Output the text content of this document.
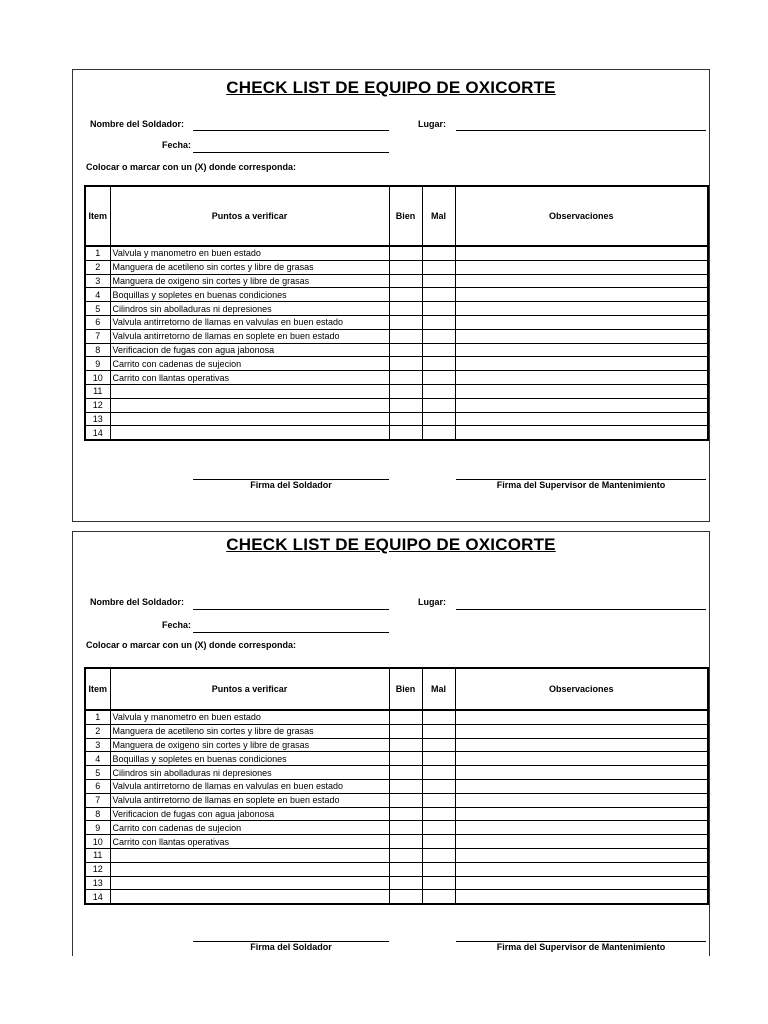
CHECK LIST DE EQUIPO DE OXICORTE
Nombre del Soldador:	Lugar:
Fecha:
Colocar o marcar con un (X) donde corresponda:
Item	Puntos a verificar	Bien	Mal	Observaciones
1	Valvula y manometro en buen estado			
2	Manguera de acetileno sin cortes y libre de grasas			
3	Manguera de oxigeno sin cortes y libre de grasas			
4	Boquillas y sopletes en buenas condiciones			
5	Cilindros sin abolladuras ni depresiones			
6	Valvula antirretorno de llamas en valvulas en buen estado			
7	Valvula antirretorno de llamas en soplete en buen estado			
8	Verificacion de fugas con agua jabonosa			
9	Carrito con cadenas de sujecion			
10	Carrito con llantas operativas			
11				
12				
13				
14				
Firma del Soldador	Firma del Supervisor de Mantenimiento
CHECK LIST DE EQUIPO DE OXICORTE
Nombre del Soldador:	Lugar:
Fecha:
Colocar o marcar con un (X) donde corresponda:
Item	Puntos a verificar	Bien	Mal	Observaciones
1	Valvula y manometro en buen estado			
2	Manguera de acetileno sin cortes y libre de grasas			
3	Manguera de oxigeno sin cortes y libre de grasas			
4	Boquillas y sopletes en buenas condiciones			
5	Cilindros sin abolladuras ni depresiones			
6	Valvula antirretorno de llamas en valvulas en buen estado			
7	Valvula antirretorno de llamas en soplete en buen estado			
8	Verificacion de fugas con agua jabonosa			
9	Carrito con cadenas de sujecion			
10	Carrito con llantas operativas			
11				
12				
13				
14				
Firma del Soldador	Firma del Supervisor de Mantenimiento
